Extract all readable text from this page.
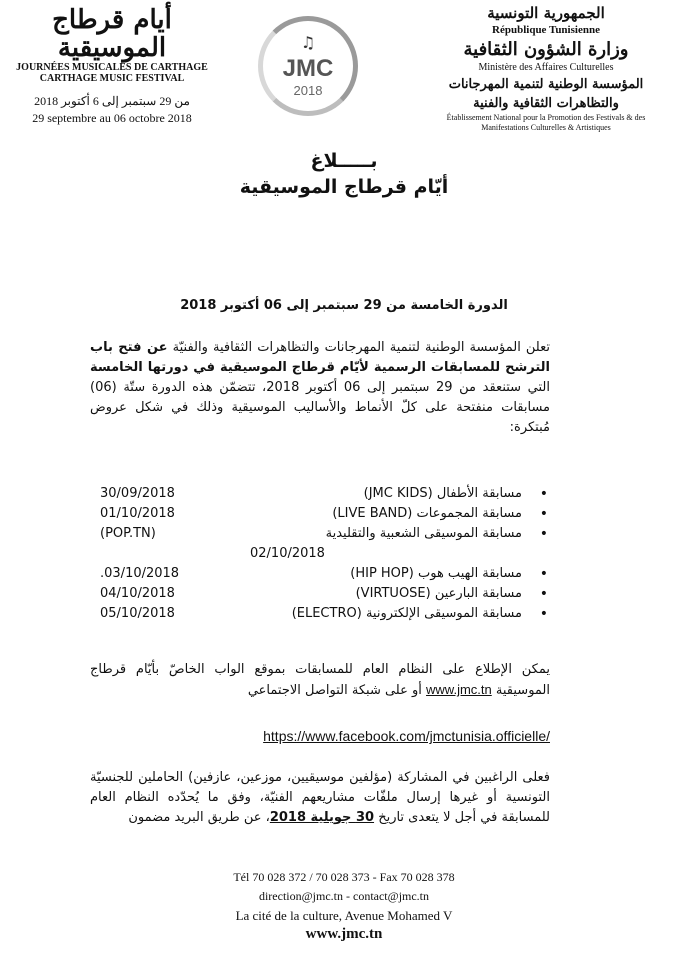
أيام قرطاج الموسيقية
JOURNÉES MUSICALES DE CARTHAGE
CARTHAGE MUSIC FESTIVAL
من 29 سبتمبر إلى 6 أكتوبر 2018
29 septembre au 06 octobre 2018
♫
JMC
2018
الجمهورية التونسية
République Tunisienne
وزارة الشؤون الثقافية
Ministère des Affaires Culturelles
المؤسسة الوطنية لتنمية المهرجانات
والتظاهرات الثقافية والفنية
Établissement National pour la Promotion des Festivals & des Manifestations Culturelles & Artistiques
بـــــلاغ
أيّام قرطاج الموسيقية
الدورة الخامسة من 29 سبتمبر إلى 06 أكتوبر 2018
تعلن المؤسسة الوطنية لتنمية المهرجانات والتظاهرات الثقافية والفنيّة عن فتح باب الترشح للمسابقات الرسمية لأيّام قرطاج الموسيقية في دورتها الخامسة التي ستنعقد من 29 سبتمبر إلى 06 أكتوبر 2018، تتضمّن هذه الدورة ستّة (06) مسابقات منفتحة على كلّ الأنماط والأساليب الموسيقية وذلك في شكل عروض مُبتكرة:
• مسابقة الأطفال (JMC KIDS)
30/09/2018
• مسابقة المجموعات (LIVE BAND)
01/10/2018
• مسابقة الموسيقى الشعبية والتقليدية
(POP.TN)
02/10/2018
• مسابقة الهيب هوب (HIP HOP)
03/10/2018.
• مسابقة البارعين (VIRTUOSE)
04/10/2018
• مسابقة الموسيقى الإلكترونية (ELECTRO)
05/10/2018
يمكن الإطلاع على النظام العام للمسابقات بموقع الواب الخاصّ بأيّام قرطاج الموسيقية www.jmc.tn أو على شبكة التواصل الاجتماعي
https://www.facebook.com/jmctunisia.officielle/
فعلى الراغبين في المشاركة (مؤلفين موسيقيين، موزعين، عازفين) الحاملين للجنسيّة التونسية أو غيرها إرسال ملفّات مشاريعهم الفنيّة، وفق ما يُحدّده النظام العام للمسابقة في أجل لا يتعدى تاريخ 30 جويلية 2018، عن طريق البريد مضمون
Tél 70 028 372 / 70 028 373 - Fax 70 028 378
direction@jmc.tn - contact@jmc.tn
La cité de la culture, Avenue Mohamed V
www.jmc.tn
